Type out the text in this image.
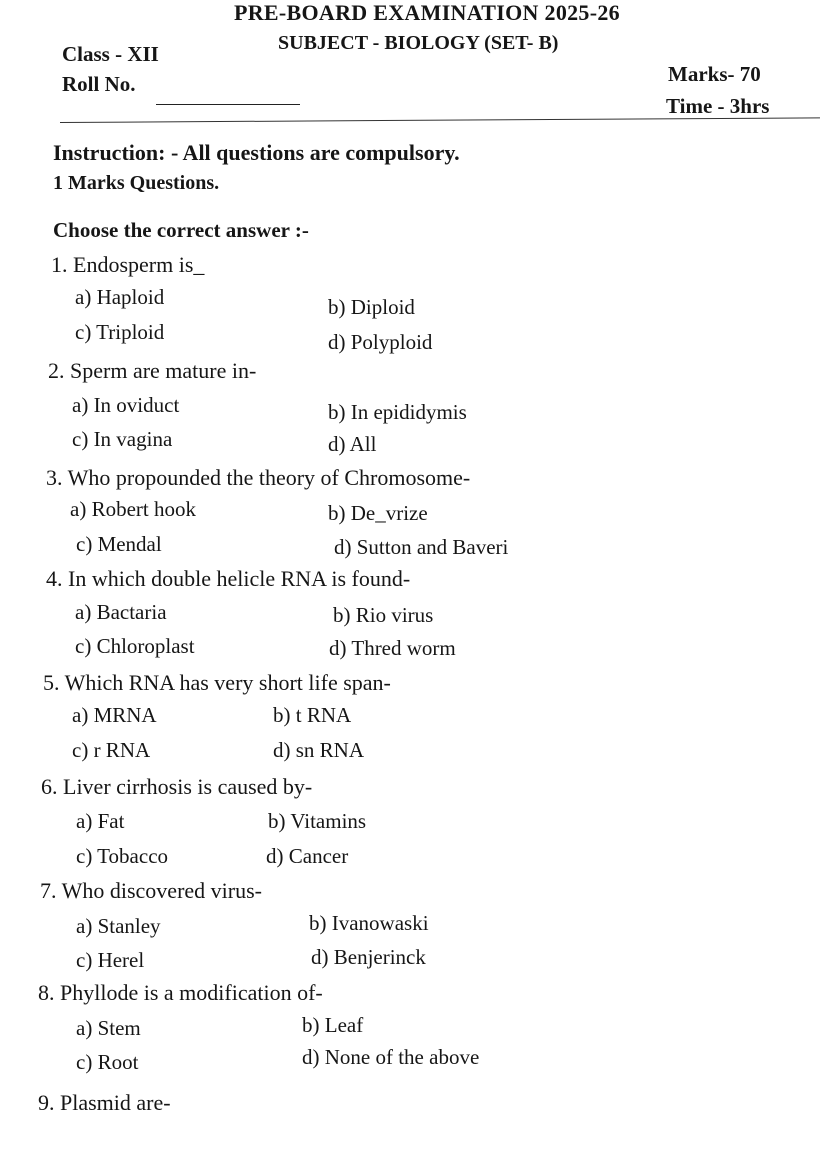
PRE-BOARD EXAMINATION 2025-26
SUBJECT - BIOLOGY (SET- B)
Class - XII
Roll No.	Marks- 70
Time - 3hrs
Instruction: - All questions are compulsory.
1 Marks Questions.
Choose the correct answer :-
1. Endosperm is_
a) Haploid	b) Diploid
c) Triploid	d) Polyploid
2. Sperm are mature in-
a) In oviduct	b) In epididymis
c) In vagina	d) All
3. Who propounded the theory of Chromosome-
a) Robert hook	b) De_vrize
c) Mendal	d) Sutton and Baveri
4. In which double helicle RNA is found-
a) Bactaria	b) Rio virus
c) Chloroplast	d) Thred worm
5. Which RNA has very short life span-
a) MRNA	b) t RNA
c) r RNA	d) sn RNA
6. Liver cirrhosis is caused by-
a) Fat	b) Vitamins
c) Tobacco	d) Cancer
7. Who discovered virus-
a) Stanley	b) Ivanowaski
c) Herel	d) Benjerinck
8. Phyllode is a modification of-
a) Stem	b) Leaf
c) Root	d) None of the above
9. Plasmid are-
